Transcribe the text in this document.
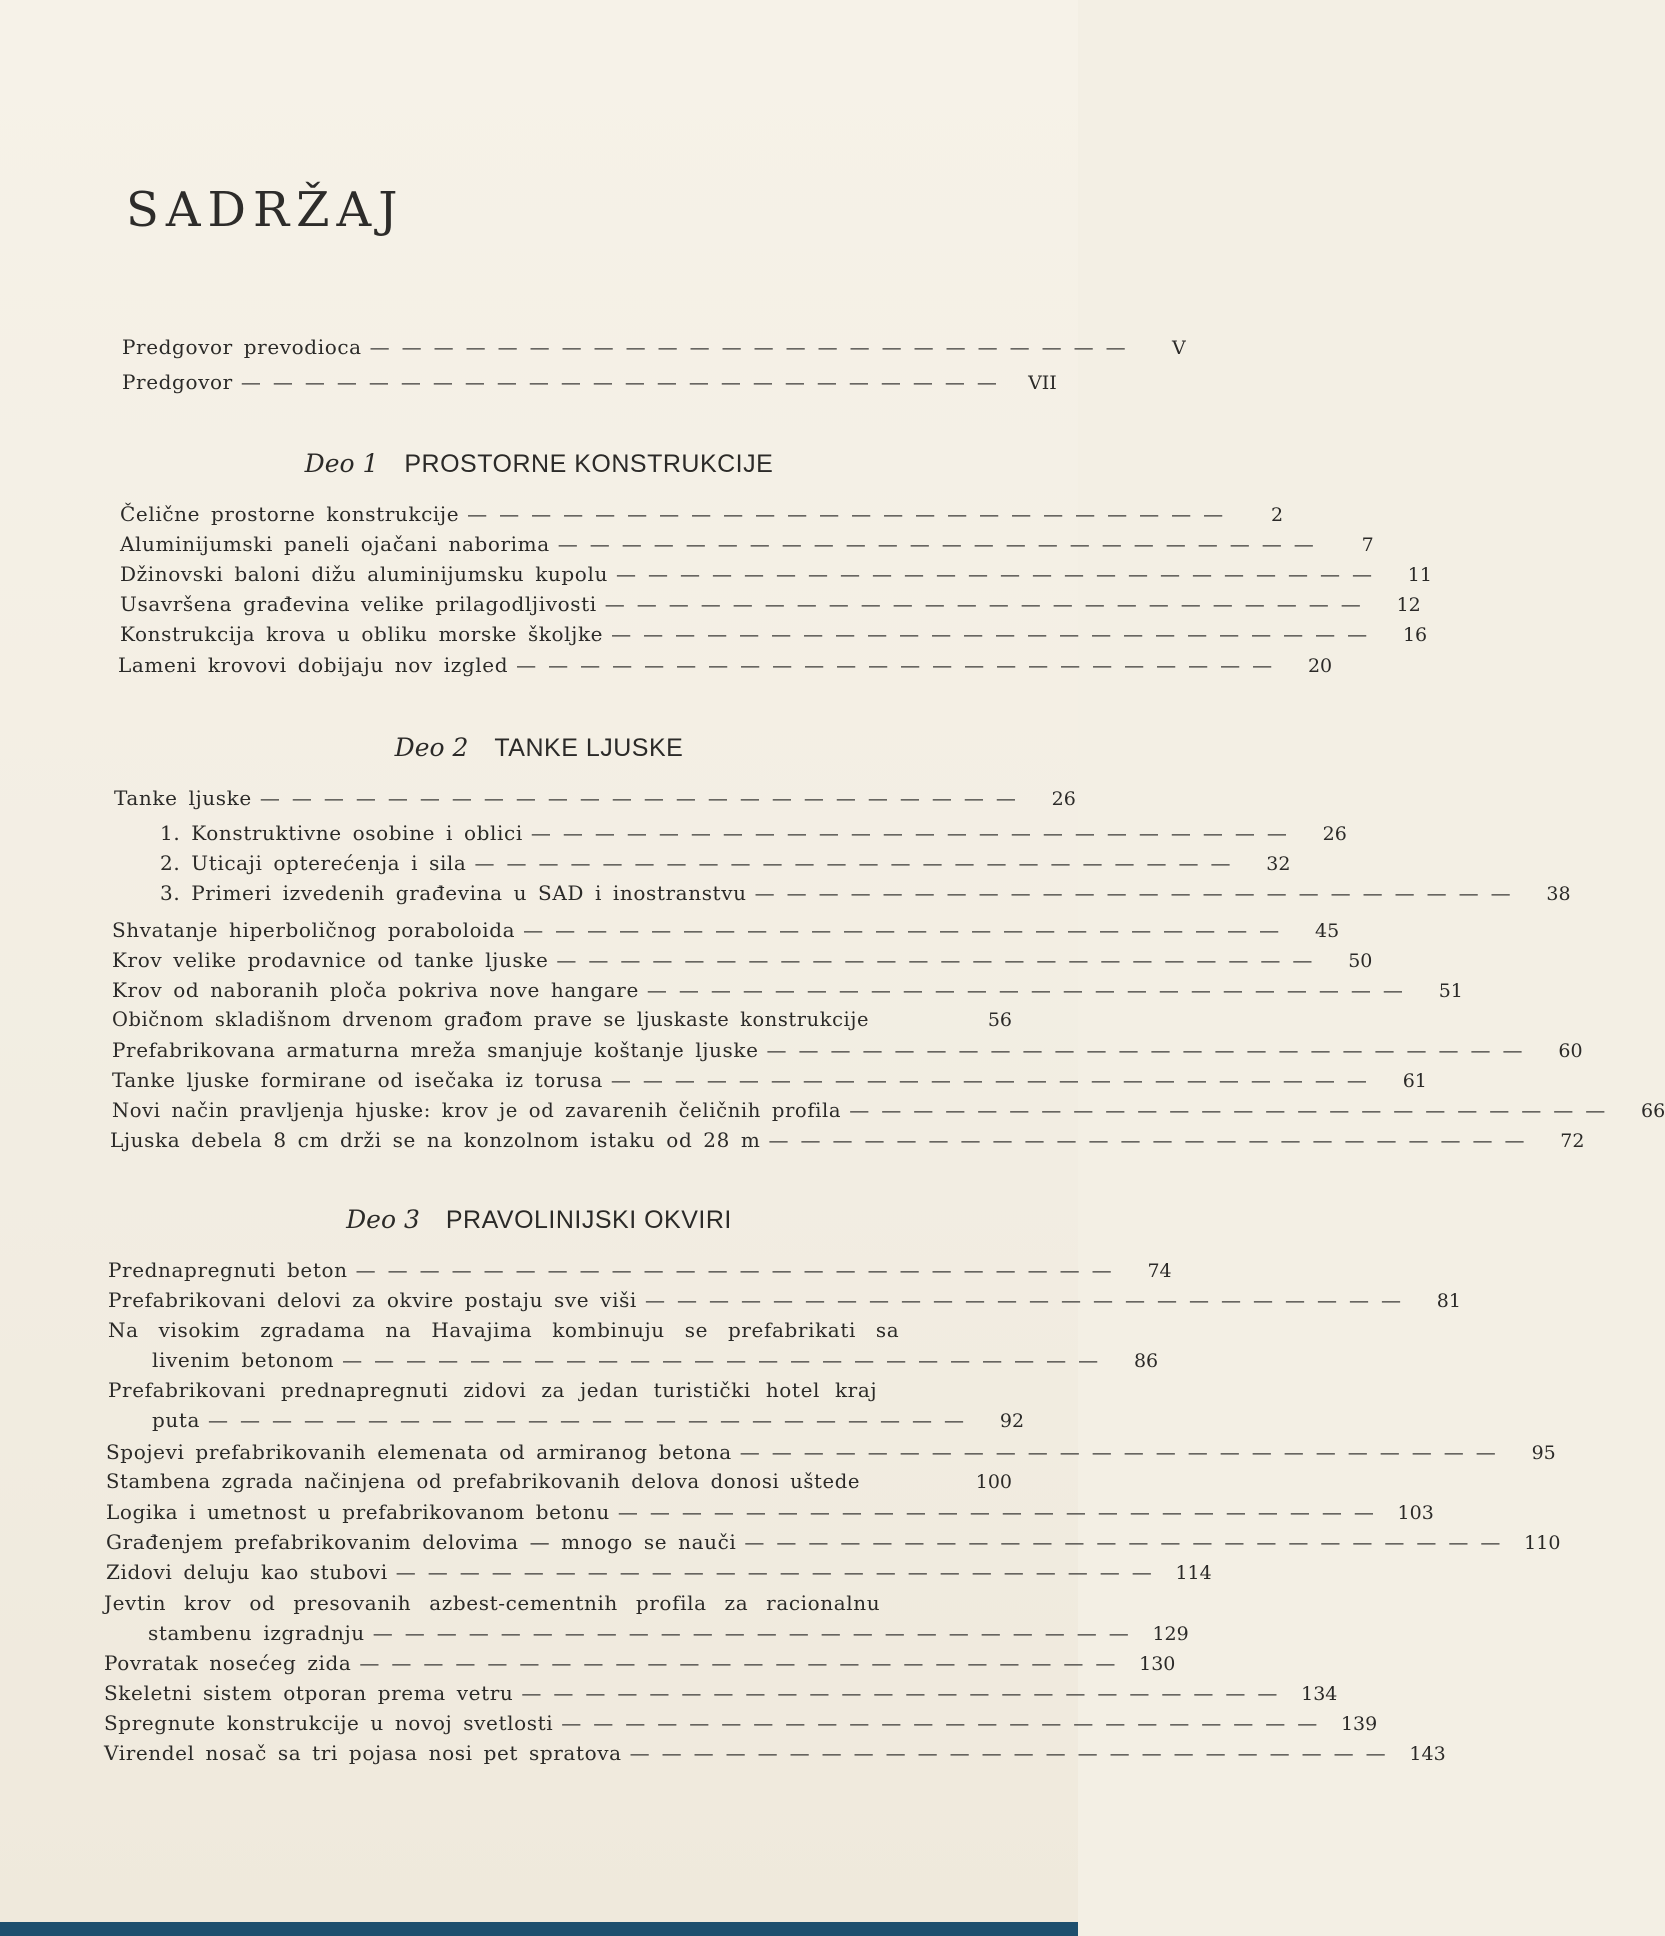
SADRŽAJ
Predgovor prevodioca ————————————————————————	V
Predgovor ————————————————————————	VII
Deo 1 PROSTORNE KONSTRUKCIJE
Čelične prostorne konstrukcije ————————————————————————	2
Aluminijumski paneli ojačani naborima ————————————————————————	7
Džinovski baloni dižu aluminijumsku kupolu ————————————————————————	11
Usavršena građevina velike prilagodljivosti ————————————————————————	12
Konstrukcija krova u obliku morske školjke ————————————————————————	16
Lameni krovovi dobijaju nov izgled ————————————————————————	20
Deo 2 TANKE LJUSKE
Tanke ljuske ————————————————————————	26
1. Konstruktivne osobine i oblici ————————————————————————	26
2. Uticaji opterećenja i sila ————————————————————————	32
3. Primeri izvedenih građevina u SAD i inostranstvu ————————————————————————	38
Shvatanje hiperboličnog poraboloida ————————————————————————	45
Krov velike prodavnice od tanke ljuske ————————————————————————	50
Krov od naboranih ploča pokriva nove hangare ————————————————————————	51
Običnom skladišnom drvenom građom prave se ljuskaste konstrukcije	56
Prefabrikovana armaturna mreža smanjuje koštanje ljuske ————————————————————————	60
Tanke ljuske formirane od isečaka iz torusa ————————————————————————	61
Novi način pravljenja hjuske: krov je od zavarenih čeličnih profila ————————————————————————	66
Ljuska debela 8 cm drži se na konzolnom istaku od 28 m ————————————————————————	72
Deo 3 PRAVOLINIJSKI OKVIRI
Prednapregnuti beton ————————————————————————	74
Prefabrikovani delovi za okvire postaju sve viši ————————————————————————	81
Na visokim zgradama na Havajima kombinuju se prefabrikati sa
livenim betonom ————————————————————————	86
Prefabrikovani prednapregnuti zidovi za jedan turistički hotel kraj
puta ————————————————————————	92
Spojevi prefabrikovanih elemenata od armiranog betona ————————————————————————	95
Stambena zgrada načinjena od prefabrikovanih delova donosi uštede	100
Logika i umetnost u prefabrikovanom betonu ———————————————————————— 103
Građenjem prefabrikovanim delovima — mnogo se nauči ———————————————————————— 110
Zidovi deluju kao stubovi ———————————————————————— 114
Jevtin krov od presovanih azbest-cementnih profila za racionalnu
stambenu izgradnju ———————————————————————— 129
Povratak nosećeg zida ———————————————————————— 130
Skeletni sistem otporan prema vetru ———————————————————————— 134
Spregnute konstrukcije u novoj svetlosti ———————————————————————— 139
Virendel nosač sa tri pojasa nosi pet spratova ———————————————————————— 143
